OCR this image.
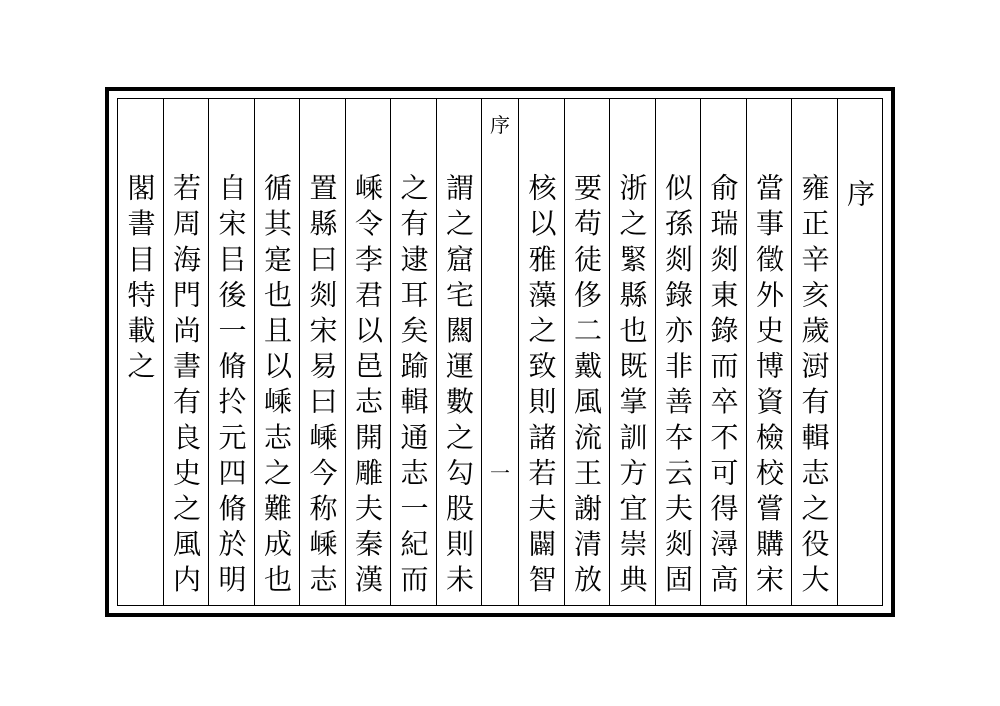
序
雍正辛亥歲㴻有輯志之役大
當事徵外史博資檢校嘗購宋
俞瑞剡東錄而卒不可得潯高
似孫剡錄亦非善夲云夫剡固
浙之緊縣也既掌訓方宜崇典
要苟徒侈二戴風流王謝清放
核以雅藻之致則諸若夫闢智
序
一
謂之窟宅闗運數之勾股則未
之有逮耳矣踰輯通志一紀而
嵊令李君以邑志開雕夫秦漢
置縣曰剡宋易曰嵊今称嵊志
循其寔也且以嵊志之難成也
自宋㠯後一脩扵元四脩於明
若周海門尚書有良史之風内
閣書目特載之
